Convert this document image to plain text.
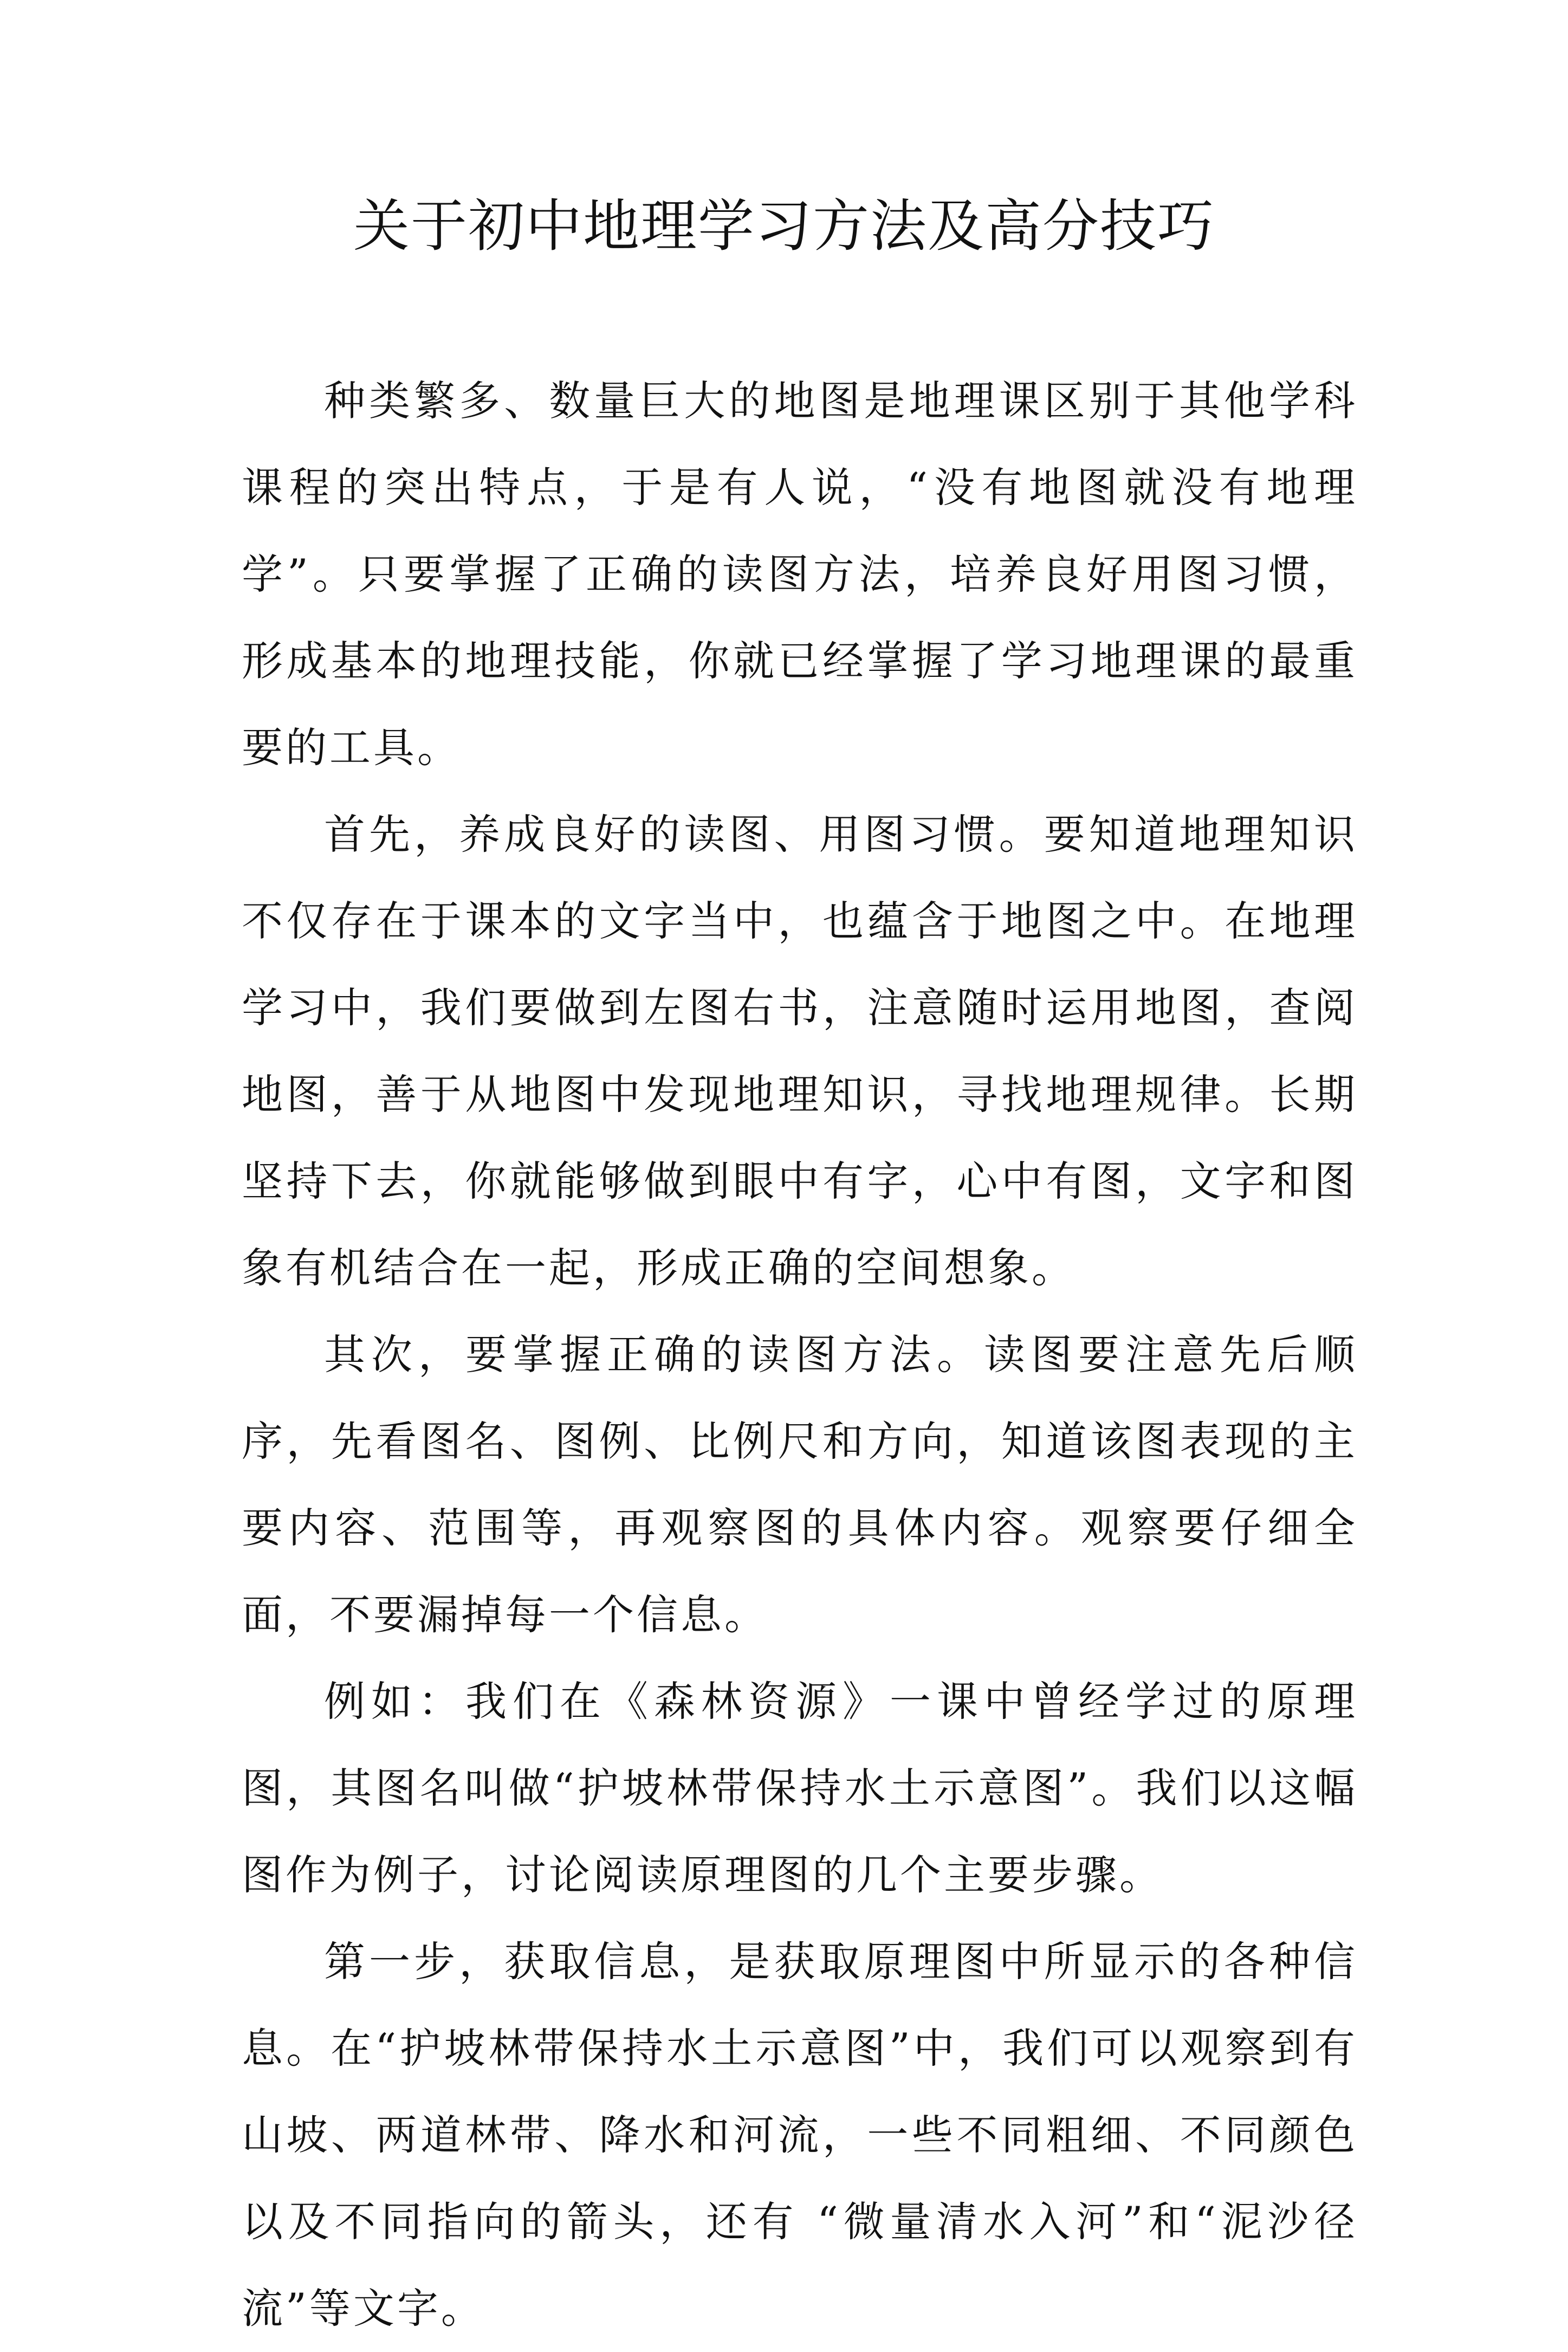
关于初中地理学习方法及高分技巧

种类繁多、数量巨大的地图是地理课区别于其他学科课程的突出特点，于是有人说，“没有地图就没有地理学”。只要掌握了正确的读图方法，培养良好用图习惯，形成基本的地理技能，你就已经掌握了学习地理课的最重要的工具。

首先，养成良好的读图、用图习惯。要知道地理知识不仅存在于课本的文字当中，也蕴含于地图之中。在地理学习中，我们要做到左图右书，注意随时运用地图，查阅地图，善于从地图中发现地理知识，寻找地理规律。长期坚持下去，你就能够做到眼中有字，心中有图，文字和图象有机结合在一起，形成正确的空间想象。

其次，要掌握正确的读图方法。读图要注意先后顺序，先看图名、图例、比例尺和方向，知道该图表现的主要内容、范围等，再观察图的具体内容。观察要仔细全面，不要漏掉每一个信息。

例如：我们在《森林资源》一课中曾经学过的原理图，其图名叫做“护坡林带保持水土示意图”。我们以这幅图作为例子，讨论阅读原理图的几个主要步骤。

第一步，获取信息，是获取原理图中所显示的各种信息。在“护坡林带保持水土示意图”中，我们可以观察到有山坡、两道林带、降水和河流，一些不同粗细、不同颜色以及不同指向的箭头，还有 “微量清水入河”和“泥沙径流”等文字。
